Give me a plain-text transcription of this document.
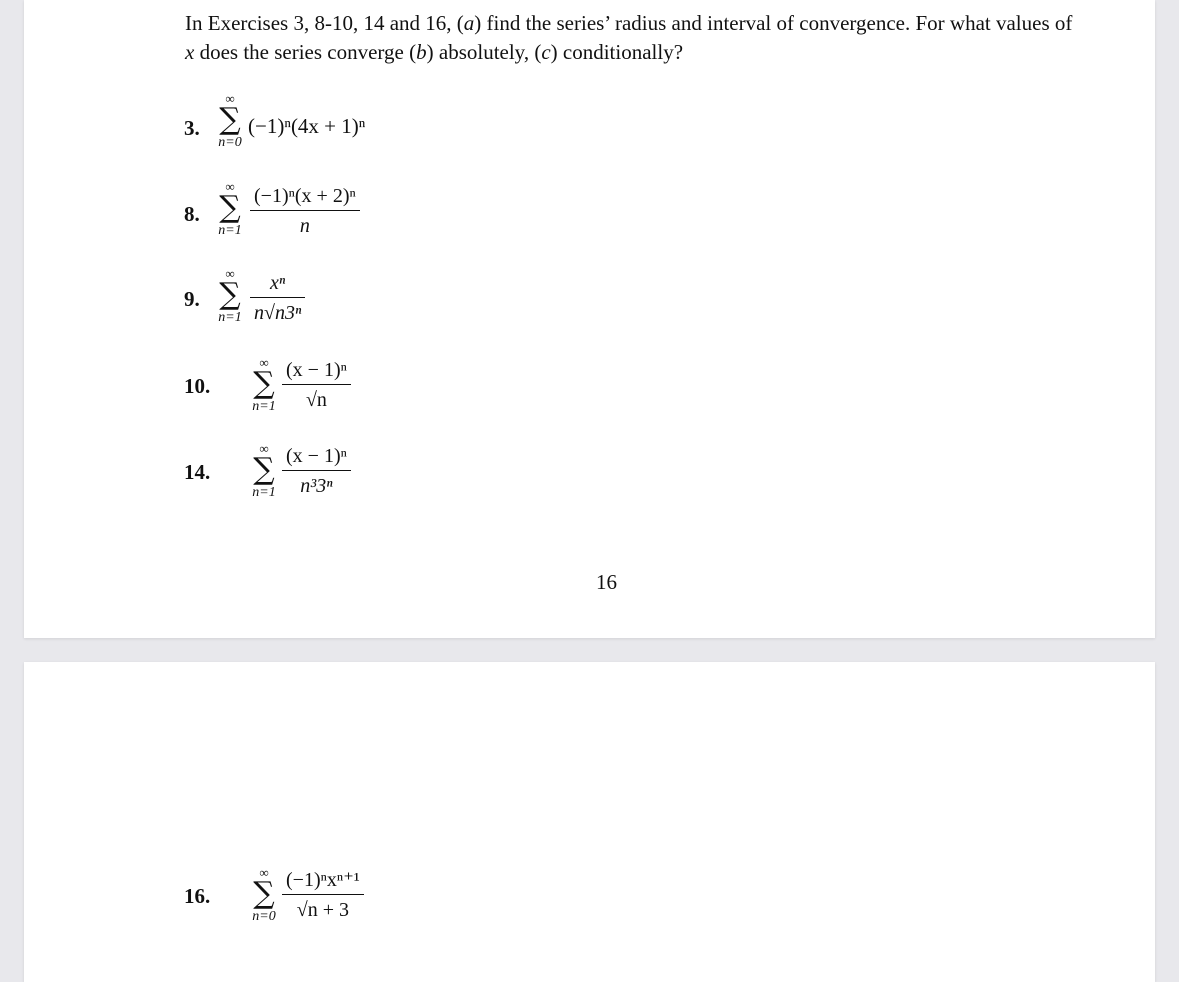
In Exercises 3, 8-10, 14 and 16, (a) find the series’ radius and interval of convergence. For what values of x does the series converge (b) absolutely, (c) conditionally?
3.
∞
∑
n=0
(−1)ⁿ(4x + 1)ⁿ
8.
∞
∑
$n=1 \frac{\text{(−1)ⁿ(x + 2)ⁿ}}{n}$
9.
∞
∑
$n=1 \frac{\text{xⁿ}}{\text{n√n3ⁿ}}$
10.
∞
∑
$n=1 \frac{\text{(x − 1)ⁿ}}{√n}$
14.
∞
∑
$n=1 \frac{\text{(x − 1)ⁿ}}{\text{n³3ⁿ}}$
16
16.
∞
∑
n=0
(−1)ⁿxⁿ⁺¹
√n + 3
